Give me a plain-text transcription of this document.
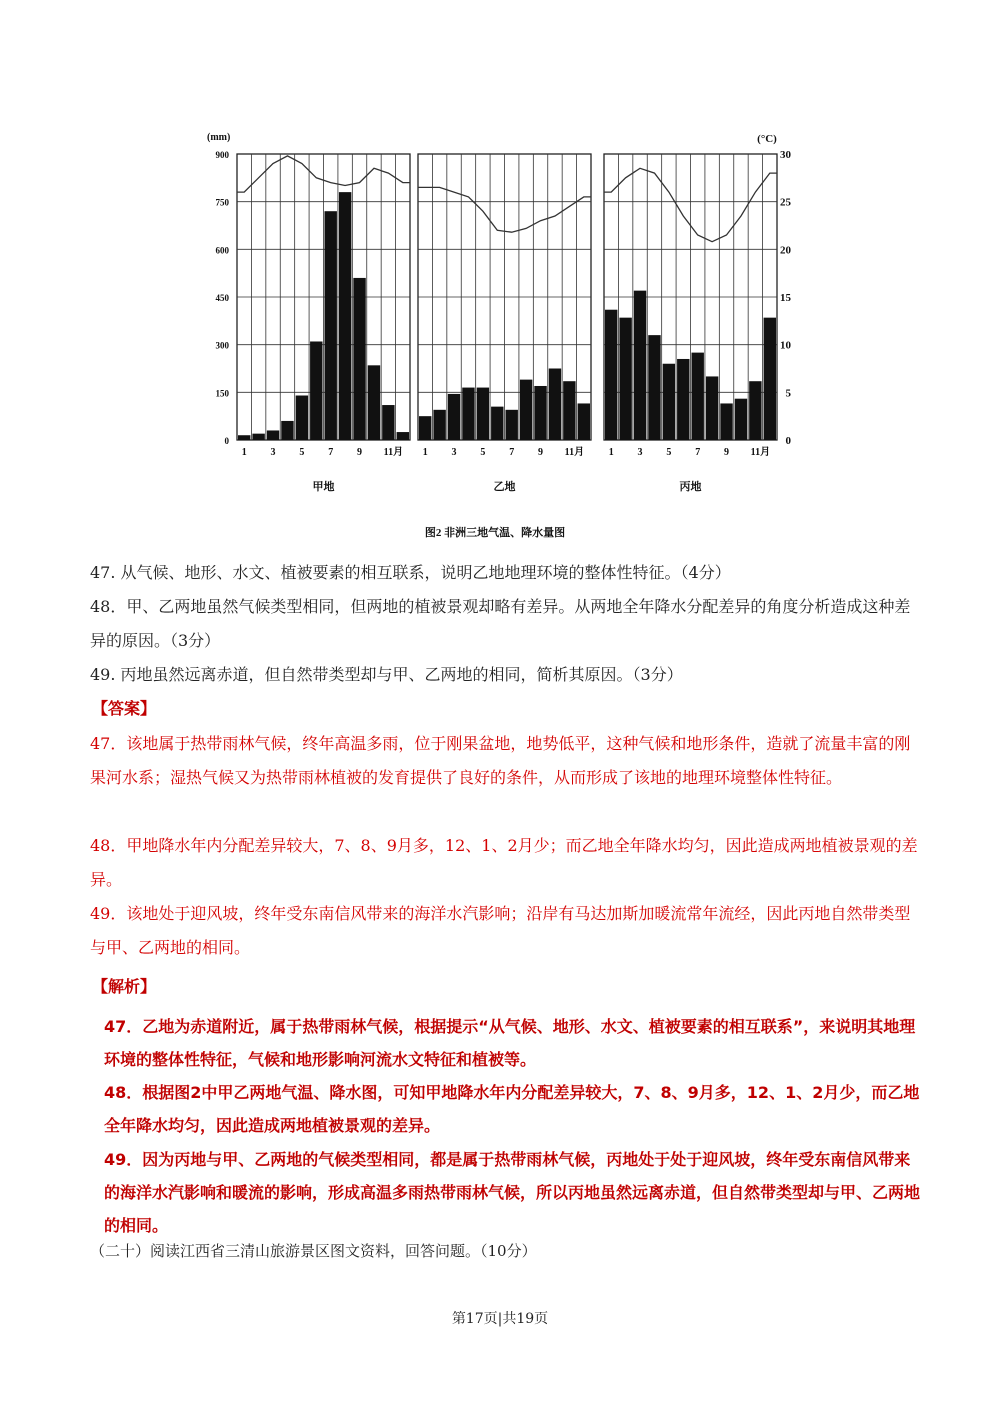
1 3 5 7 9 11月
甲地
1 3 5 7 9 11月
乙地
1 3 5 7 9 11月
丙地
(mm)
0
150
300
450
600
750
900
(°C)
0
5
10
15
20
25
30
图2 非洲三地气温、降水量图
47. 从气候、地形、水文、植被要素的相互联系，说明乙地地理环境的整体性特征。（4分）
48．甲、乙两地虽然气候类型相同，但两地的植被景观却略有差异。从两地全年降水分配差异的角度分析造成这种差异的原因。（3分）
49. 丙地虽然远离赤道，但自然带类型却与甲、乙两地的相同，简析其原因。（3分）
【答案】
47．该地属于热带雨林气候，终年高温多雨，位于刚果盆地，地势低平，这种气候和地形条件，造就了流量丰富的刚果河水系；湿热气候又为热带雨林植被的发育提供了良好的条件，从而形成了该地的地理环境整体性特征。
48．甲地降水年内分配差异较大，7、8、9月多，12、1、2月少；而乙地全年降水均匀，因此造成两地植被景观的差异。
49．该地处于迎风坡，终年受东南信风带来的海洋水汽影响；沿岸有马达加斯加暖流常年流经，因此丙地自然带类型与甲、乙两地的相同。
【解析】
47．乙地为赤道附近，属于热带雨林气候，根据提示“从气候、地形、水文、植被要素的相互联系”，来说明其地理环境的整体性特征，气候和地形影响河流水文特征和植被等。
48．根据图2中甲乙两地气温、降水图，可知甲地降水年内分配差异较大，7、8、9月多，12、1、2月少，而乙地全年降水均匀，因此造成两地植被景观的差异。
49．因为丙地与甲、乙两地的气候类型相同，都是属于热带雨林气候，丙地处于处于迎风坡，终年受东南信风带来的海洋水汽影响和暖流的影响，形成高温多雨热带雨林气候，所以丙地虽然远离赤道，但自然带类型却与甲、乙两地的相同。
（二十）阅读江西省三清山旅游景区图文资料，回答问题。（10分）
第17页|共19页
